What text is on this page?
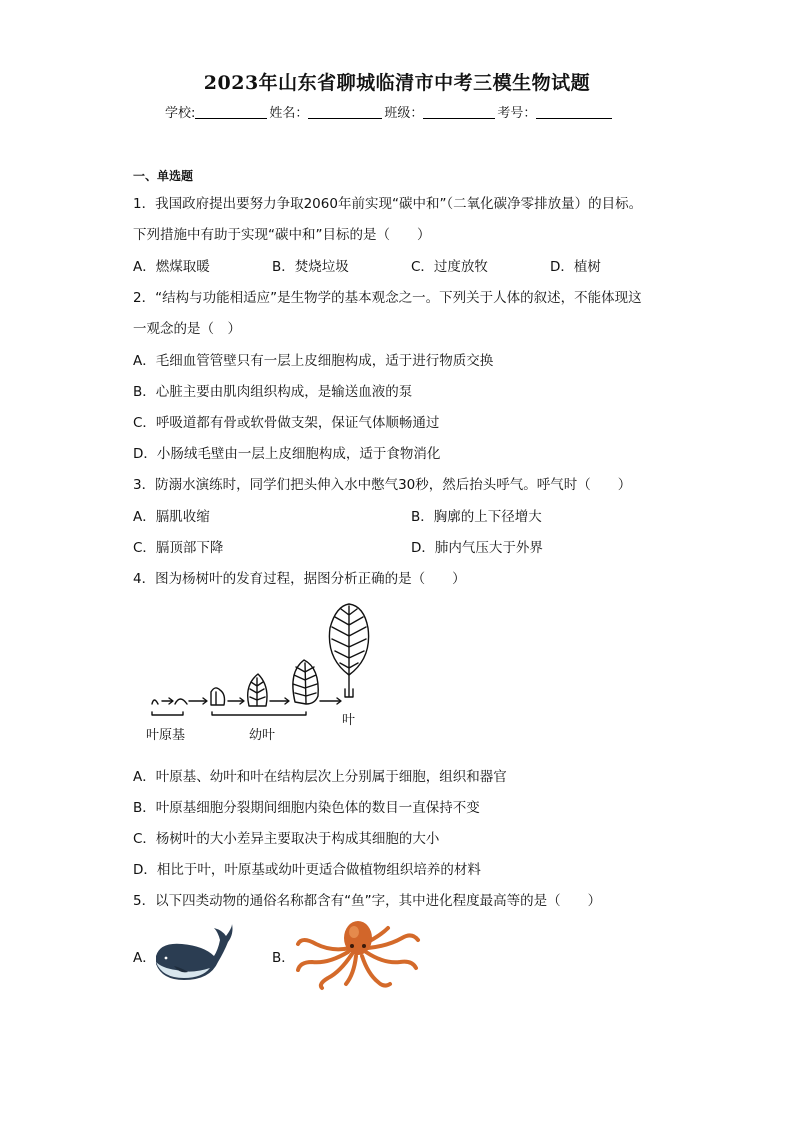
2023年山东省聊城临清市中考三模生物试题
学校:	姓名：	班级：	考号：
一、单选题
1．我国政府提出要努力争取2060年前实现“碳中和”（二氧化碳净零排放量）的目标。
下列措施中有助于实现“碳中和”目标的是（　　）
A．燃煤取暖	B．焚烧垃圾	C．过度放牧	D．植树
2．“结构与功能相适应”是生物学的基本观念之一。下列关于人体的叙述，不能体现这
一观念的是（　）
A．毛细血管管壁只有一层上皮细胞构成，适于进行物质交换
B．心脏主要由肌肉组织构成，是输送血液的泵
C．呼吸道都有骨或软骨做支架，保证气体顺畅通过
D．小肠绒毛壁由一层上皮细胞构成，适于食物消化
3．防溺水演练时，同学们把头伸入水中憋气30秒，然后抬头呼气。呼气时（　　）
A．膈肌收缩	B．胸廓的上下径增大
C．膈顶部下降	D．肺内气压大于外界
4．图为杨树叶的发育过程，据图分析正确的是（　　）
叶原基	幼叶
叶
A．叶原基、幼叶和叶在结构层次上分别属于细胞，组织和器官
B．叶原基细胞分裂期间细胞内染色体的数目一直保持不变
C．杨树叶的大小差异主要取决于构成其细胞的大小
D．相比于叶，叶原基或幼叶更适合做植物组织培养的材料
5．以下四类动物的通俗名称都含有“鱼”字，其中进化程度最高等的是（　　）
A．	B．
